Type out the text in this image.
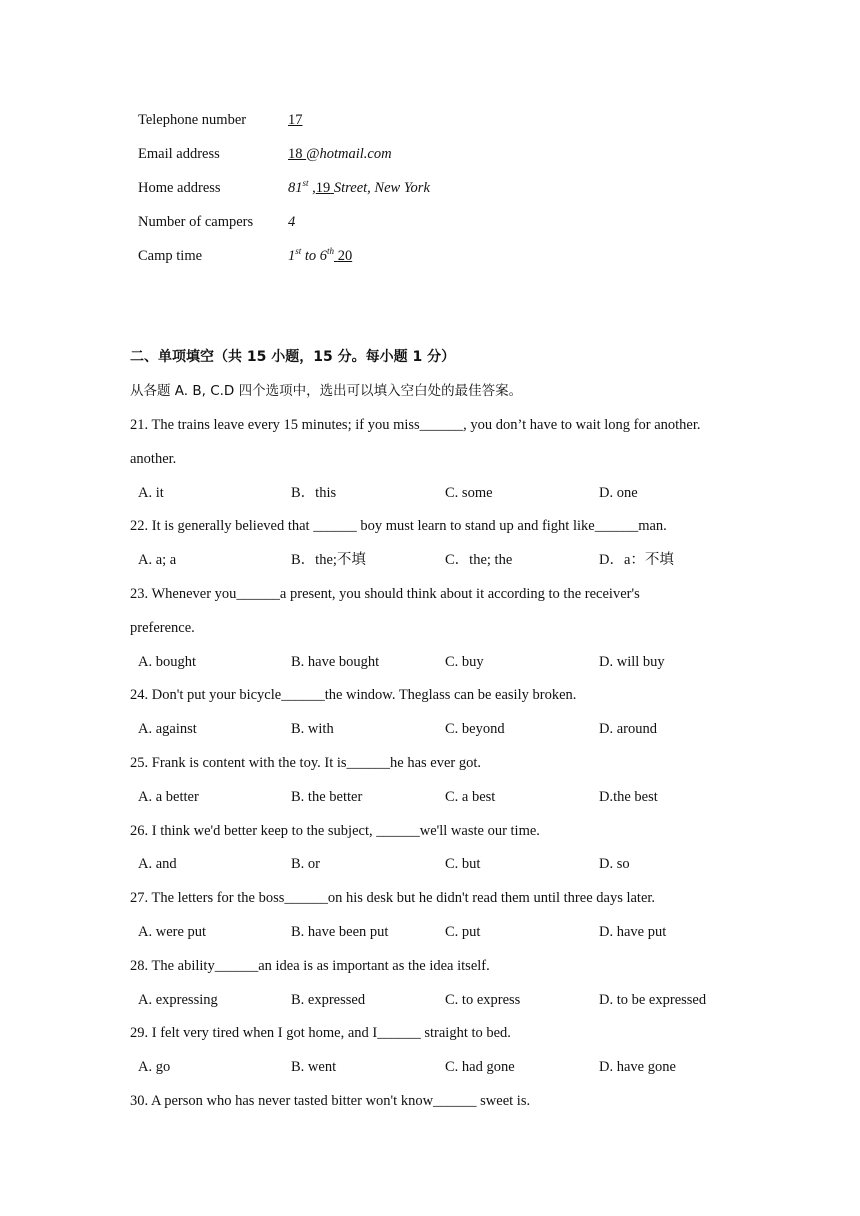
Telephone number	17
Email address	18 @hotmail.com
Home address	81st ,19 Street, New York
Number of campers 4
Camp time	1st to 6th 20
二、单项填空（共 15 小题，15 分。每小题 1 分）
从各题 A. B, C.D 四个选项中，选出可以填入空白处的最佳答案。
21. The trains leave every 15 minutes; if you miss______, you don’t have to wait long for another.
another.
A. it	B．this	C. some	D. one
22. It is generally believed that ______ boy must learn to stand up and fight like______man.
A. a; a	B．the;不填	C．the; the	D．a：不填
23. Whenever you______a present, you should think about it according to the receiver's
preference.
A. bought	B. have bought	C. buy	D. will buy
24. Don't put your bicycle______the window. Theglass can be easily broken.
A. against	B. with	C. beyond	D. around
25. Frank is content with the toy. It is______he has ever got.
A. a better	B. the better	C. a best	D.the best
26. I think we'd better keep to the subject, ______we'll waste our time.
A. and	B. or	C. but	D. so
27. The letters for the boss______on his desk but he didn't read them until three days later.
A. were put	B. have been put	C. put	D. have put
28. The ability______an idea is as important as the idea itself.
A. expressing	B. expressed	C. to express	D. to be expressed
29. I felt very tired when I got home, and I______ straight to bed.
A. go	B. went	C. had gone	D. have gone
30. A person who has never tasted bitter won't know______ sweet is.
